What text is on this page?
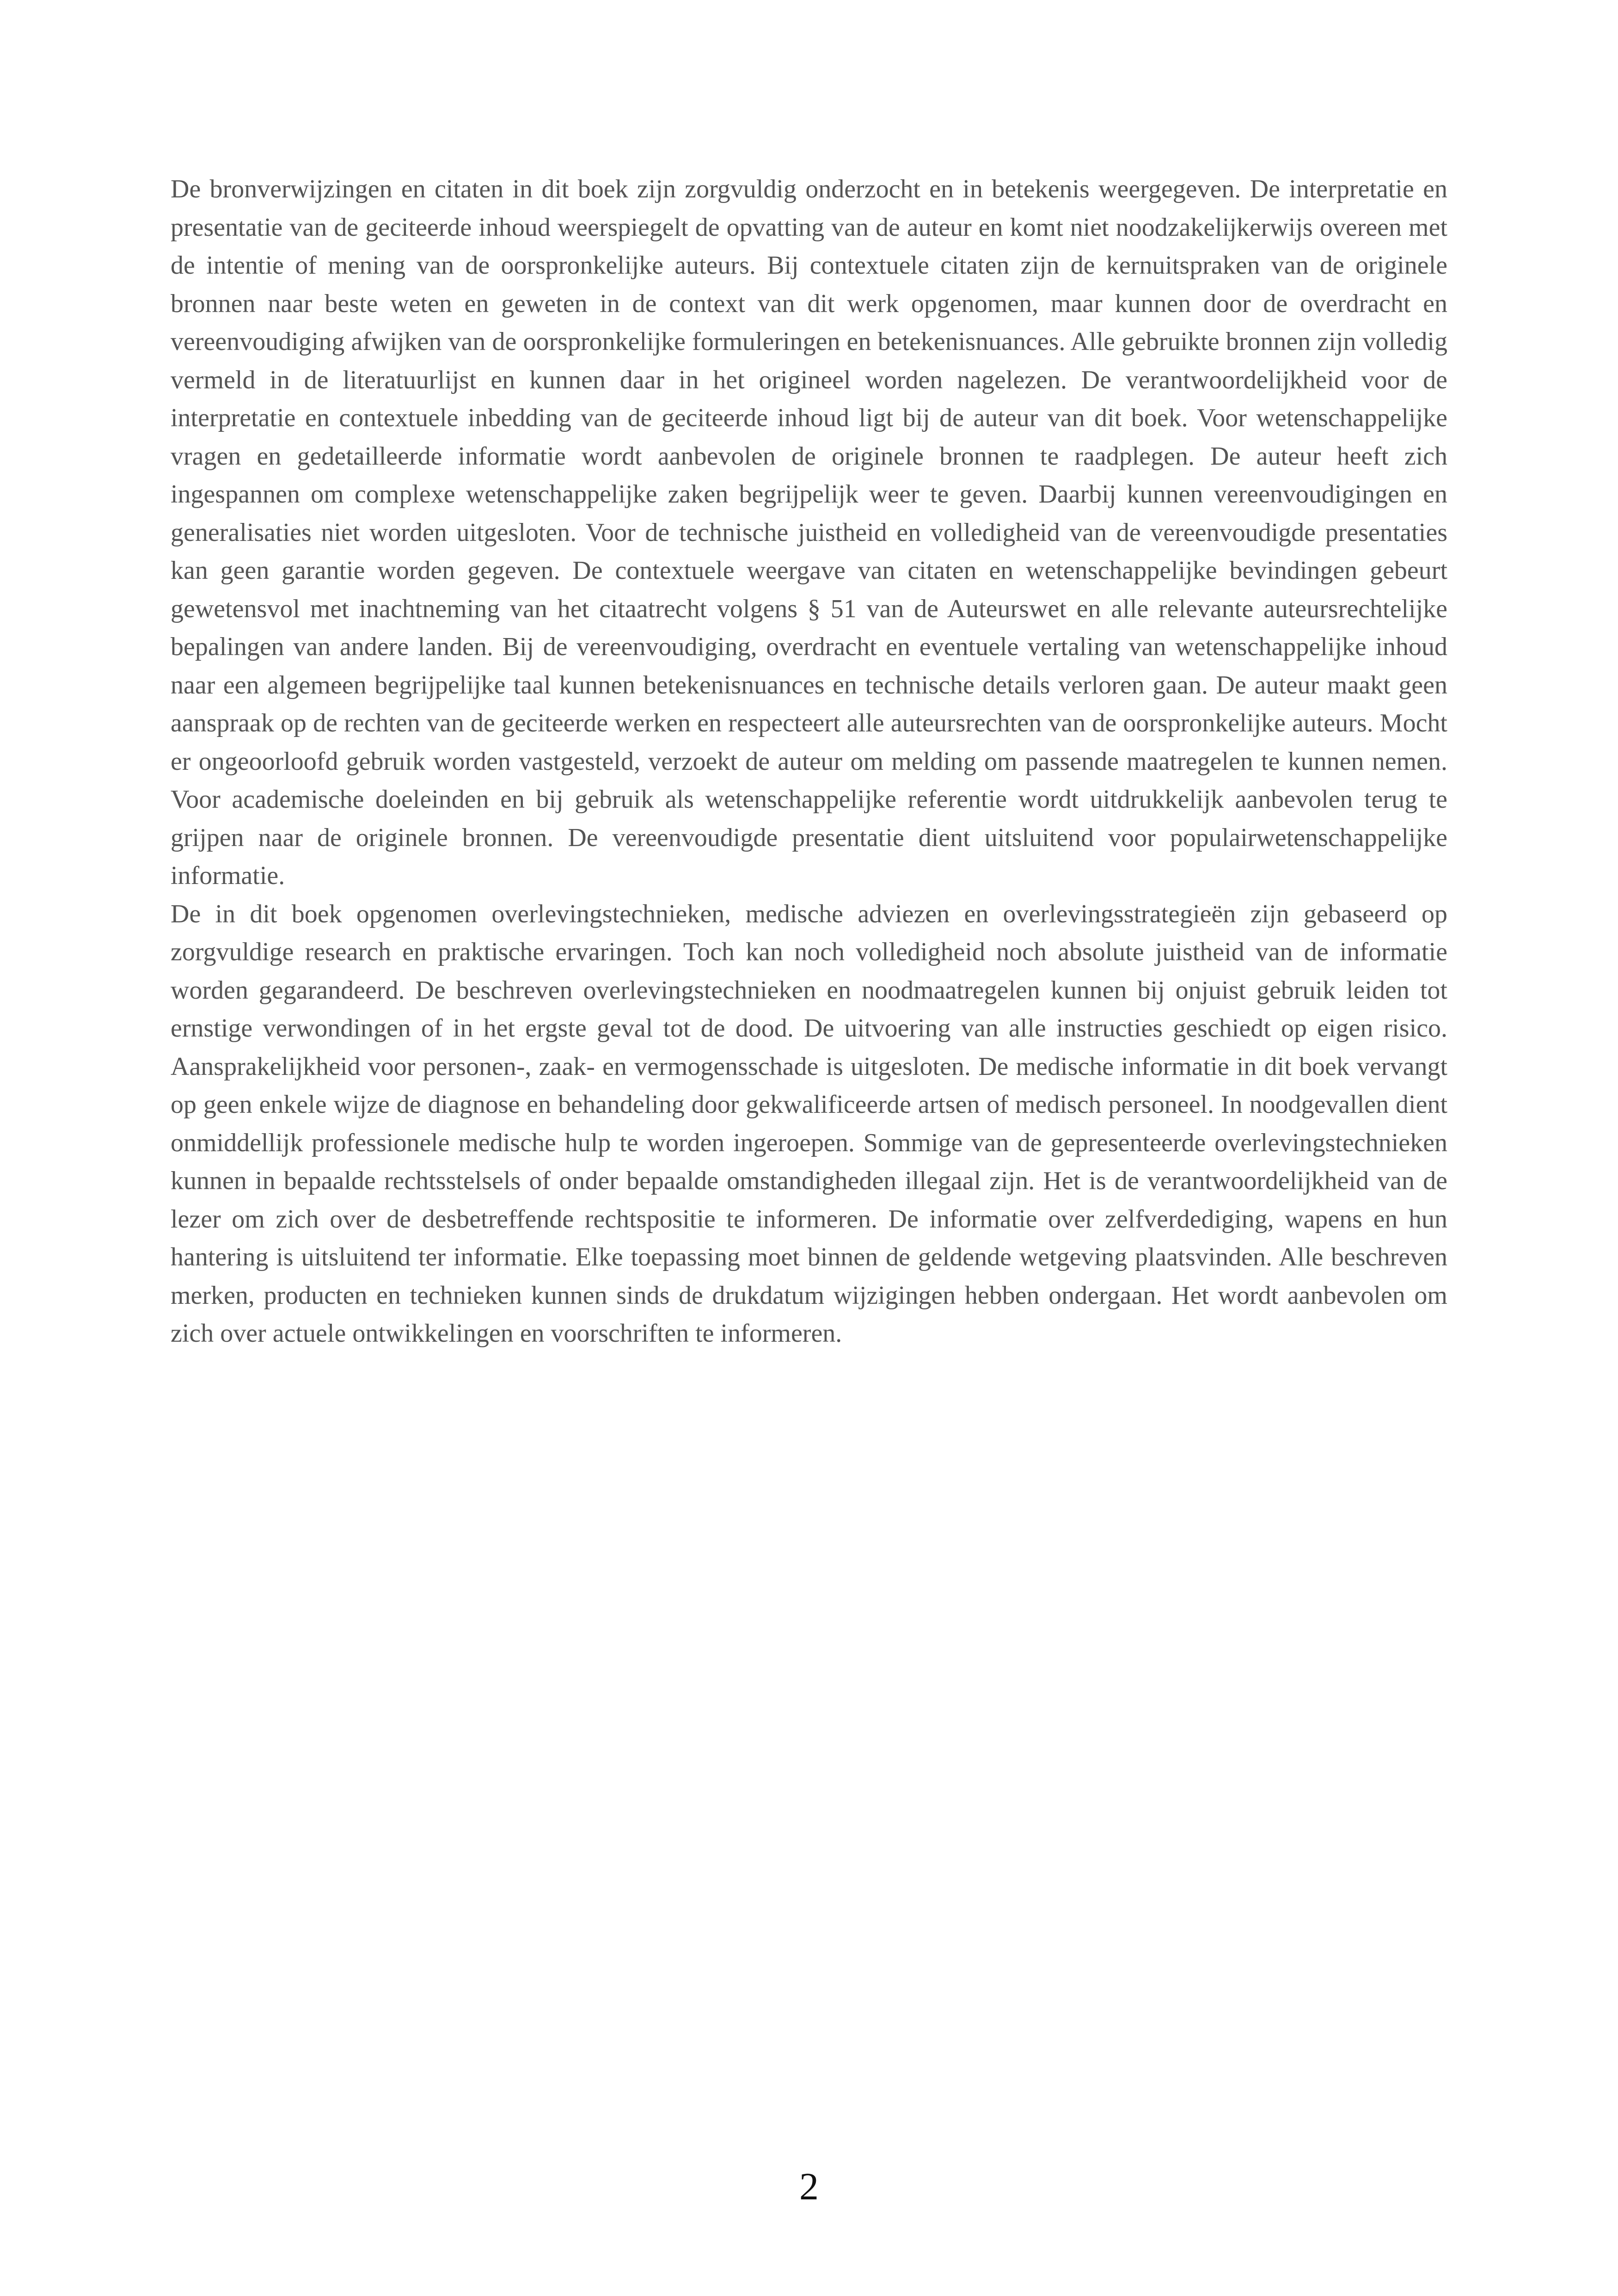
De bronverwijzingen en citaten in dit boek zijn zorgvuldig onderzocht en in betekenis weergegeven. De interpretatie en presentatie van de geciteerde inhoud weerspiegelt de opvatting van de auteur en komt niet noodzakelijkerwijs overeen met de intentie of mening van de oorspronkelijke auteurs. Bij contextuele citaten zijn de kernuitspraken van de originele bronnen naar beste weten en geweten in de context van dit werk opgenomen, maar kunnen door de overdracht en vereenvoudiging afwijken van de oorspronkelijke formuleringen en betekenisnuances. Alle gebruikte bronnen zijn volledig vermeld in de literatuurlijst en kunnen daar in het origineel worden nagelezen. De verantwoordelijkheid voor de interpretatie en contextuele inbedding van de geciteerde inhoud ligt bij de auteur van dit boek. Voor wetenschappelijke vragen en gedetailleerde informatie wordt aanbevolen de originele bronnen te raadplegen. De auteur heeft zich ingespannen om complexe wetenschappelijke zaken begrijpelijk weer te geven. Daarbij kunnen vereenvoudigingen en generalisaties niet worden uitgesloten. Voor de technische juistheid en volledigheid van de vereenvoudigde presentaties kan geen garantie worden gegeven. De contextuele weergave van citaten en wetenschappelijke bevindingen gebeurt gewetensvol met inachtneming van het citaatrecht volgens § 51 van de Auteurswet en alle relevante auteursrechtelijke bepalingen van andere landen. Bij de vereenvoudiging, overdracht en eventuele vertaling van wetenschappelijke inhoud naar een algemeen begrijpelijke taal kunnen betekenisnuances en technische details verloren gaan. De auteur maakt geen aanspraak op de rechten van de geciteerde werken en respecteert alle auteursrechten van de oorspronkelijke auteurs. Mocht er ongeoorloofd gebruik worden vastgesteld, verzoekt de auteur om melding om passende maatregelen te kunnen nemen. Voor academische doeleinden en bij gebruik als wetenschappelijke referentie wordt uitdrukkelijk aanbevolen terug te grijpen naar de originele bronnen. De vereenvoudigde presentatie dient uitsluitend voor populairwetenschappelijke informatie.

De in dit boek opgenomen overlevingstechnieken, medische adviezen en overlevingsstrategieën zijn gebaseerd op zorgvuldige research en praktische ervaringen. Toch kan noch volledigheid noch absolute juistheid van de informatie worden gegarandeerd. De beschreven overlevingstechnieken en noodmaatregelen kunnen bij onjuist gebruik leiden tot ernstige verwondingen of in het ergste geval tot de dood. De uitvoering van alle instructies geschiedt op eigen risico. Aansprakelijkheid voor personen-, zaak- en vermogensschade is uitgesloten. De medische informatie in dit boek vervangt op geen enkele wijze de diagnose en behandeling door gekwalificeerde artsen of medisch personeel. In noodgevallen dient onmiddellijk professionele medische hulp te worden ingeroepen. Sommige van de gepresenteerde overlevingstechnieken kunnen in bepaalde rechtsstelsels of onder bepaalde omstandigheden illegaal zijn. Het is de verantwoordelijkheid van de lezer om zich over de desbetreffende rechtspositie te informeren. De informatie over zelfverdediging, wapens en hun hantering is uitsluitend ter informatie. Elke toepassing moet binnen de geldende wetgeving plaatsvinden. Alle beschreven merken, producten en technieken kunnen sinds de drukdatum wijzigingen hebben ondergaan. Het wordt aanbevolen om zich over actuele ontwikkelingen en voorschriften te informeren.

2
